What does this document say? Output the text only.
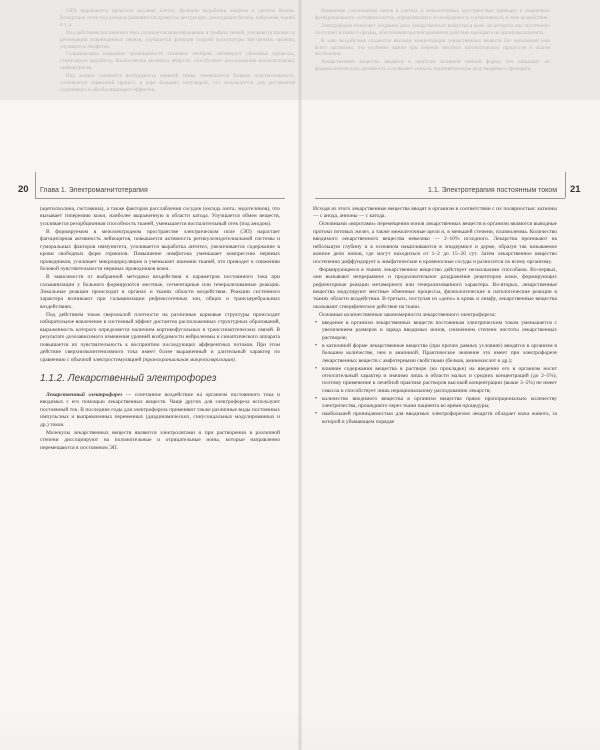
(ЭП) нарушаются процессы дыхания клеток, функции выработки энергии и синтеза белков. Вследствие этого под катодом развиваются процессы деструкции, денатурации белков, набухания тканей и т. д.

Под действием постоянного тока улучшается кровообращение и трофика тканей, ускоряются процессы регенерации поврежденных нервов, улучшается функция гладкой мускулатуры внутренних органов, улучшается лимфоток.

Гальванизация повышает проницаемость тканевых мембран, активирует обменные процессы, стимулирует выработку биологически активных веществ, способствует рассасыванию воспалительных инфильтратов.

Под анодом снижается возбудимость нервной ткани, уменьшается болевая чувствительность, усиливается тормозной процесс в коре больших полушарий, что используется для достижения седативного и обезболивающего эффектов.

Изменение соотношения ионов в клетках и межклеточных пространствах приводит к изменению функционального состояния клеток, определяющего их возбудимость и реактивность в зоне воздействия.

Электрофорез позволяет создавать депо лекарственного вещества в коже, из которого оно постепенно поступает в ткани и органы, обеспечивая пролонгированное действие препарата на организм пациента.

В зоне воздействия создаются высокие концентрации лекарственных веществ без насыщения ими всего организма, что особенно важно при лечении местных патологических процессов и очагов воспаления.

Лекарственные вещества вводятся в наиболее активной ионной форме, что повышает их фармакологическую активность и позволяет снизить терапевтическую дозу вводимого препарата.

20 Глава 1. Электромагнитотерапия	1.1. Электротерапия постоянным током 21

(ацетилхолина, гистамина), а также факторов расслабления сосудов (оксида азота, эндотелинов), что вызывает гиперемию кожи, наиболее выраженную в области катода. Улучшается обмен веществ, усиливается резорбционная способность тканей, уменьшается воспалительный отек (под анодом).

В формируемом в межэлектродном пространстве электрическом поле (ЭП) нарастает фагоцитарная активность лейкоцитов, повышается активность ретикулоэндотелиальной системы и гуморальных факторов иммунитета, усиливается выработка антител, увеличивается содержание в крови свободных форм гормонов. Повышение лимфотока уменьшает компрессию нервных проводников, усиливает микроциркуляцию и уменьшает ишемию тканей, что приводит к снижению болевой чувствительности нервных проводников кожи.

В зависимости от выбранной методики воздействия и параметров постоянного тока при гальванизации у больного формируются местные, сегментарные или генерализованные реакции. Локальные реакции происходят в органах и тканях области воздействия. Реакции системного характера возникают при гальванизации рефлексогенных зон, общих и трансцеребральных воздействиях.

Под действием токов сверхмалой плотности на различные корковые структуры происходит избирательное вовлечение в системный эффект дистантно расположенных структурных образований, выраженность которого определяется наличием кортикофугальных и транссинаптических связей. В результате дозозависимого изменения уровней возбудимости нейролеммы и синаптического аппарата повышается их чувствительность к восприятию последующих афферентных потоков. При этом действие сверхнизкоинтенсивного тока имеет более выраженный и длительный характер по сравнению с обычной электростимуляцией (транскраниальная микрополяризация).

1.1.2. Лекарственный электрофорез

Лекарственный электрофорез — сочетанное воздействие на организм постоянного тока и вводимых с его помощью лекарственных веществ. Чаще других для электрофореза используют постоянный ток. В последние годы для электрофореза применяют также различные виды постоянных импульсных и выпрямленных переменных (диадинамических, синусоидальных модулированных и др.) токов.

Молекулы лекарственных веществ являются электролитами и при растворении в различной степени диссоциируют на положительные и отрицательные ионы, которые направленно перемещаются в постоянном ЭП.

Исходя из этого лекарственные вещества вводят в организм в соответствии с их полярностью: катионы — с анода, анионы — с катода.

Основными «воротами» перемещения ионов лекарственных веществ в организм являются выводные протоки потовых желез, а также межклеточные щели и, в меньшей степени, плазмолемма. Количество вводимого лекарственного вещества невелико — 2–10% исходного. Лекарства проникают на небольшую глубину и в основном накапливаются в эпидермисе и дерме, образуя так называемое кожное депо ионов, где могут находиться от 1–2 до 15–20 сут. Затем лекарственное вещество постепенно диффундирует в лимфатические и кровеносные сосуды и разносится по всему организму.

Формирующееся в тканях лекарственное вещество действует несколькими способами. Во-первых, они вызывают непрерывное и продолжительное раздражение рецепторов кожи, формирующих рефлекторные реакции метамерного или генерализованного характера. Во-вторых, лекарственные вещества модулируют местные обменные процессы, физиологические и патологические реакции в тканях области воздействия. В-третьих, поступая из «депо» в кровь и лимфу, лекарственные вещества оказывают специфическое действие на ткани.

Основные количественные закономерности лекарственного электрофореза:

• введение в организм лекарственных веществ постоянным электрическим током уменьшается с увеличением размеров и заряда вводимых ионов, снижением степени чистоты лекарственных растворов;
• в катионной форме лекарственные вещества (при прочих равных условиях) вводятся в организм в большем количестве, чем в анионной. Практическое значение это имеет при электрофорезе лекарственных веществ с амфотерными свойствами (белков, аминокислот и др.);
• влияние содержания вещества в растворе (на прокладке) на введение его в организм носит относительный характер и значимо лишь в области малых и средних концентраций (до 2–5%), поэтому применение в лечебной практике растворов высокой концентрации (выше 3–5%) не имеет смысла и способствует лишь нерациональному расходованию лекарств;
• количество вводимого вещества в организм вещества прямо пропорционально количеству электричества, прошедшего через ткани пациента во время процедуры;
• наибольшей проницаемостью для вводимых электрофорезом лекарств обладает кожа живота, за которой в убывающем порядке
